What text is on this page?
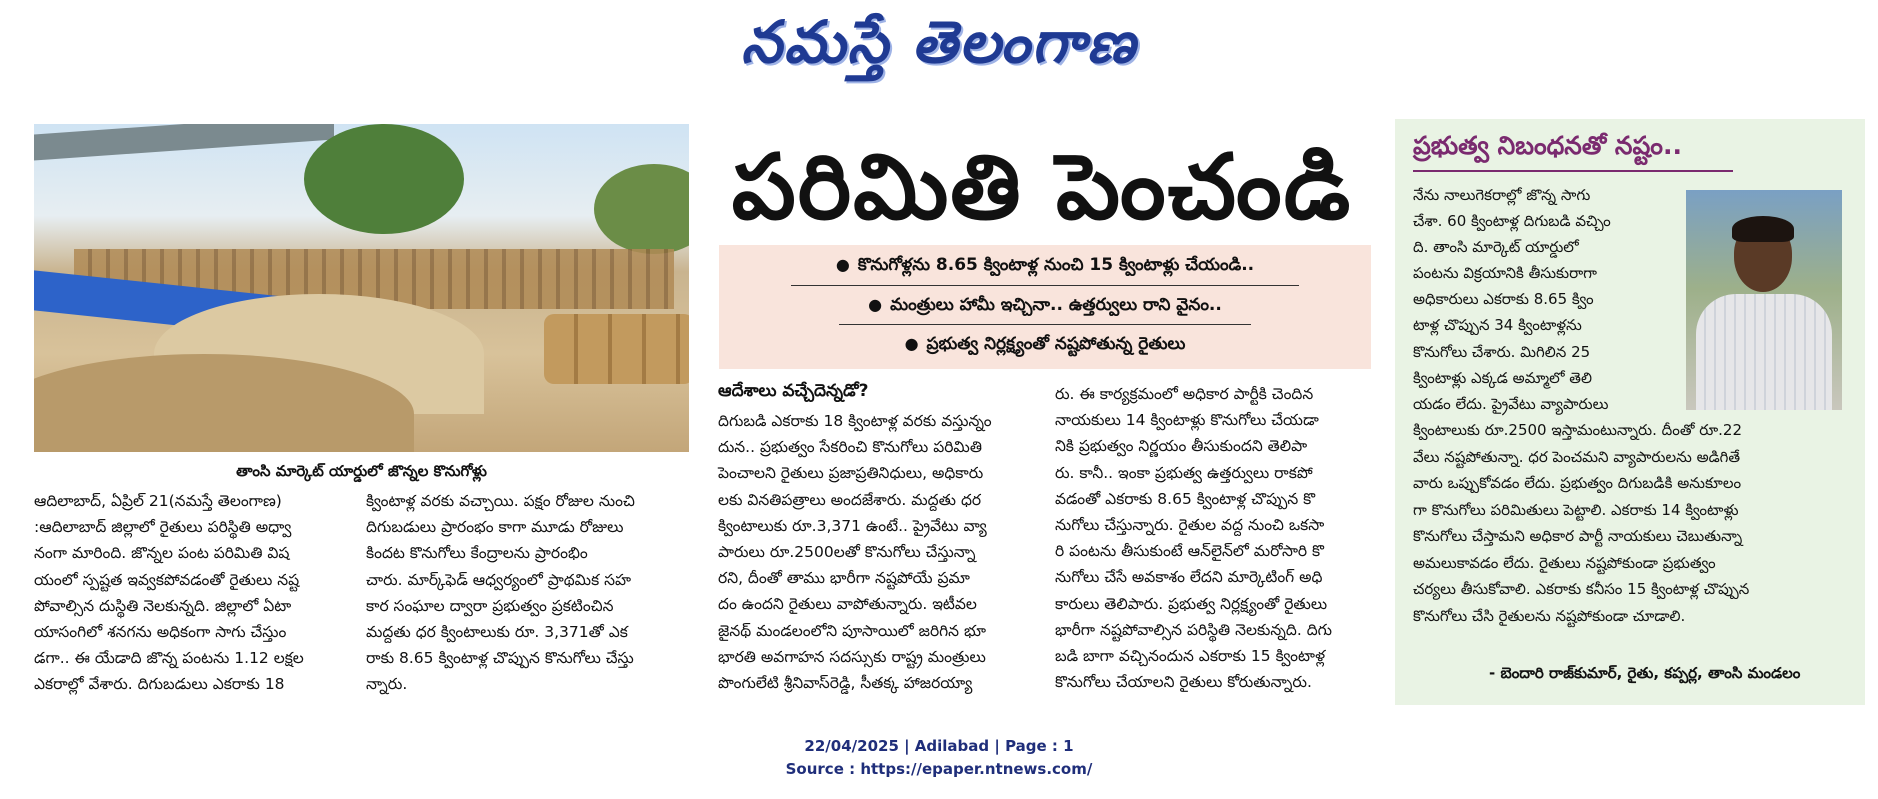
నమస్తే తెలంగాణ
తాంసి మార్కెట్ యార్డులో జొన్నల కొనుగోళ్లు
పరిమితి పెంచండి
● కొనుగోళ్లను 8.65 క్వింటాళ్ల నుంచి 15 క్వింటాళ్లు చేయండి..
● మంత్రులు హామీ ఇచ్చినా.. ఉత్తర్వులు రాని వైనం..
● ప్రభుత్వ నిర్లక్ష్యంతో నష్టపోతున్న రైతులు
ఆదిలాబాద్, ఏప్రిల్ 21(నమస్తే తెలంగాణ)
:ఆదిలాబాద్ జిల్లాలో రైతులు పరిస్థితి అధ్వా
నంగా మారింది. జొన్నల పంట పరిమితి విష
యంలో స్పష్టత ఇవ్వకపోవడంతో రైతులు నష్ట
పోవాల్సిన దుస్థితి నెలకున్నది. జిల్లాలో ఏటా
యాసంగిలో శనగను అధికంగా సాగు చేస్తుం
డగా.. ఈ యేడాది జొన్న పంటను 1.12 లక్షల
ఎకరాల్లో వేశారు. దిగుబడులు ఎకరాకు 18
క్వింటాళ్ల వరకు వచ్చాయి. పక్షం రోజుల నుంచి
దిగుబడులు ప్రారంభం కాగా మూడు రోజులు
కిందట కొనుగోలు కేంద్రాలను ప్రారంభిం
చారు. మార్క్‌ఫెడ్ ఆధ్వర్యంలో ప్రాథమిక సహ
కార సంఘాల ద్వారా ప్రభుత్వం ప్రకటించిన
మద్దతు ధర క్వింటాలుకు రూ. 3,371తో ఎక
రాకు 8.65 క్వింటాళ్ల చొప్పున కొనుగోలు చేస్తు
న్నారు.
ఆదేశాలు వచ్చేదెన్నడో?
దిగుబడి ఎకరాకు 18 క్వింటాళ్ల వరకు వస్తున్నం
దున.. ప్రభుత్వం సేకరించి కొనుగోలు పరిమితి
పెంచాలని రైతులు ప్రజాప్రతినిధులు, అధికారు
లకు వినతిపత్రాలు అందజేశారు. మద్దతు ధర
క్వింటాలుకు రూ.3,371 ఉంటే.. ప్రైవేటు వ్యా
పారులు రూ.2500లతో కొనుగోలు చేస్తున్నా
రని, దీంతో తాము భారీగా నష్టపోయే ప్రమా
దం ఉందని రైతులు వాపోతున్నారు. ఇటీవల
జైనథ్ మండలంలోని పూసాయిలో జరిగిన భూ
భారతి అవగాహన సదస్సుకు రాష్ట్ర మంత్రులు
పొంగులేటి శ్రీనివాస్‌రెడ్డి, సీతక్క హాజరయ్యా
రు. ఈ కార్యక్రమంలో అధికార పార్టీకి చెందిన
నాయకులు 14 క్వింటాళ్లు కొనుగోలు చేయడా
నికి ప్రభుత్వం నిర్ణయం తీసుకుందని తెలిపా
రు. కానీ.. ఇంకా ప్రభుత్వ ఉత్తర్వులు రాకపో
వడంతో ఎకరాకు 8.65 క్వింటాళ్ల చొప్పున కొ
నుగోలు చేస్తున్నారు. రైతుల వద్ద నుంచి ఒకసా
రి పంటను తీసుకుంటే ఆన్‌లైన్‌లో మరోసారి కొ
నుగోలు చేసే అవకాశం లేదని మార్కెటింగ్ అధి
కారులు తెలిపారు. ప్రభుత్వ నిర్లక్ష్యంతో రైతులు
భారీగా నష్టపోవాల్సిన పరిస్థితి నెలకున్నది. దిగు
బడి బాగా వచ్చినందున ఎకరాకు 15 క్వింటాళ్ల
కొనుగోలు చేయాలని రైతులు కోరుతున్నారు.
ప్రభుత్వ నిబంధనతో నష్టం..
నేను నాలుగెకరాల్లో జొన్న సాగు
చేశా. 60 క్వింటాళ్ల దిగుబడి వచ్చిం
ది. తాంసి మార్కెట్ యార్డులో
పంటను విక్రయానికి తీసుకురాగా
అధికారులు ఎకరాకు 8.65 క్విం
టాళ్ల చొప్పున 34 క్వింటాళ్లను
కొనుగోలు చేశారు. మిగిలిన 25
క్వింటాళ్లు ఎక్కడ అమ్మాలో తెలి
యడం లేదు. ప్రైవేటు వ్యాపారులు
క్వింటాలుకు రూ.2500 ఇస్తామంటున్నారు. దీంతో రూ.22
వేలు నష్టపోతున్నా. ధర పెంచమని వ్యాపారులను అడిగితే
వారు ఒప్పుకోవడం లేదు. ప్రభుత్వం దిగుబడికి అనుకూలం
గా కొనుగోలు పరిమితులు పెట్టాలి. ఎకరాకు 14 క్వింటాళ్లు
కొనుగోలు చేస్తామని అధికార పార్టీ నాయకులు చెబుతున్నా
అమలుకావడం లేదు. రైతులు నష్టపోకుండా ప్రభుత్వం
చర్యలు తీసుకోవాలి. ఎకరాకు కనీసం 15 క్వింటాళ్ల చొప్పున
కొనుగోలు చేసి రైతులను నష్టపోకుండా చూడాలి.
- బెందారి రాజ్‌కుమార్, రైతు, కప్పర్ల, తాంసి మండలం
22/04/2025 | Adilabad | Page : 1
Source : https://epaper.ntnews.com/
